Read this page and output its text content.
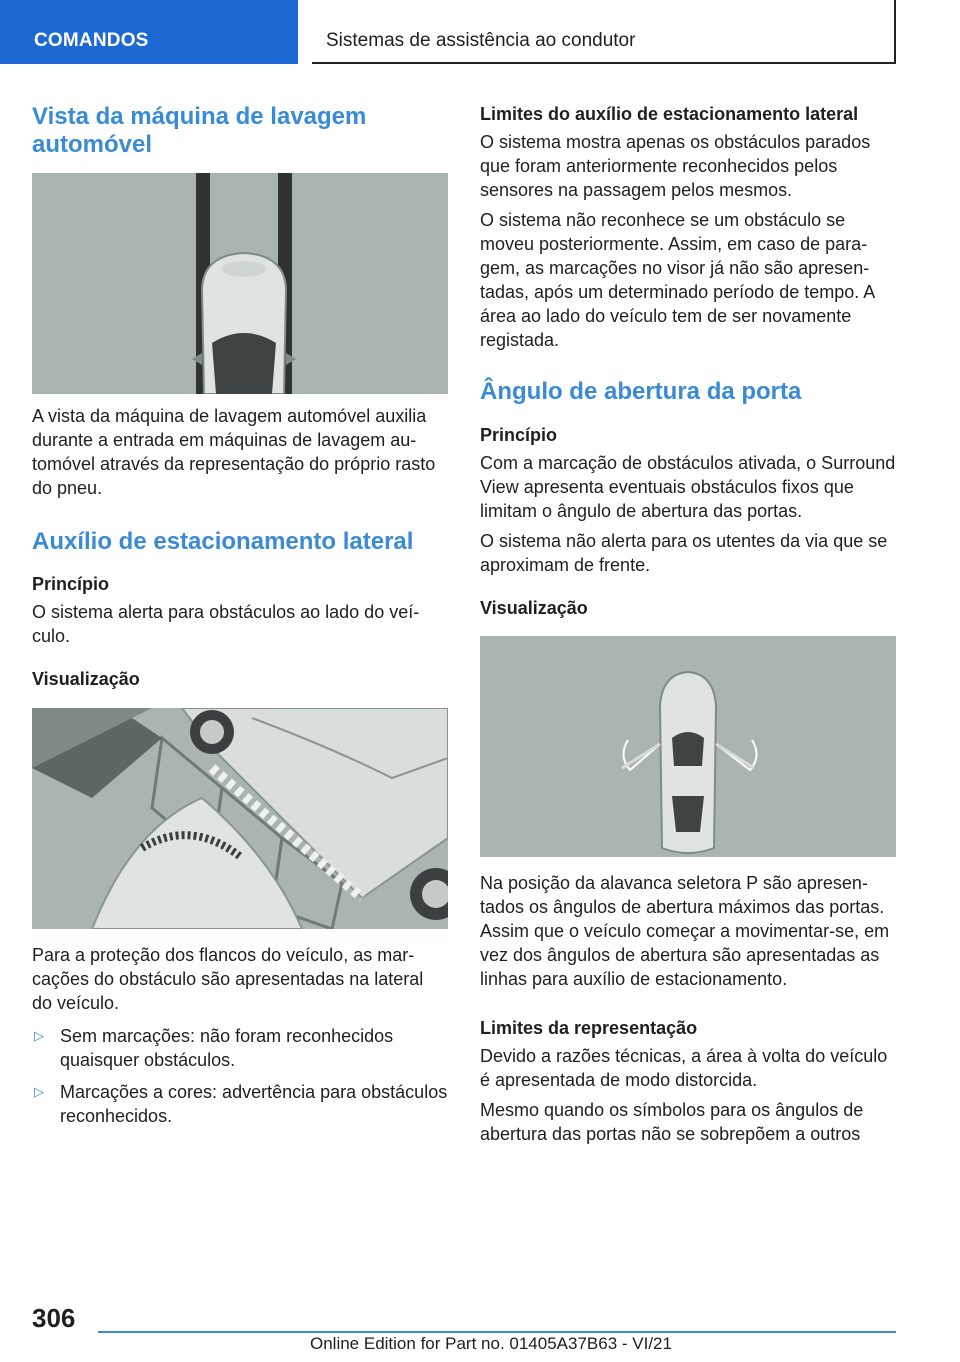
COMANDOS	Sistemas de assistência ao condutor
Vista da máquina de lavagem automóvel

A vista da máquina de lavagem automóvel auxilia durante a entrada em máquinas de lavagem automóvel através da representação do próprio rasto do pneu.

Auxílio de estacionamento lateral
Princípio

O sistema alerta para obstáculos ao lado do veículo.

Visualização

Para a proteção dos flancos do veículo, as marcações do obstáculo são apresentadas na lateral do veículo.

▷ Sem marcações: não foram reconhecidos quaisquer obstáculos.
▷ Marcações a cores: advertência para obstáculos reconhecidos.
Limites do auxílio de estacionamento lateral

O sistema mostra apenas os obstáculos parados que foram anteriormente reconhecidos pelos sensores na passagem pelos mesmos.

O sistema não reconhece se um obstáculo se moveu posteriormente. Assim, em caso de paragem, as marcações no visor já não são apresentadas, após um determinado período de tempo. A área ao lado do veículo tem de ser novamente registada.

Ângulo de abertura da porta
Princípio

Com a marcação de obstáculos ativada, o Surround View apresenta eventuais obstáculos fixos que limitam o ângulo de abertura das portas.

O sistema não alerta para os utentes da via que se aproximam de frente.

Visualização

Na posição da alavanca seletora P são apresentados os ângulos de abertura máximos das portas. Assim que o veículo começar a movimentar-se, em vez dos ângulos de abertura são apresentadas as linhas para auxílio de estacionamento.

Limites da representação

Devido a razões técnicas, a área à volta do veículo é apresentada de modo distorcida.

Mesmo quando os símbolos para os ângulos de abertura das portas não se sobrepõem a outros

306
Online Edition for Part no. 01405A37B63 - VI/21
